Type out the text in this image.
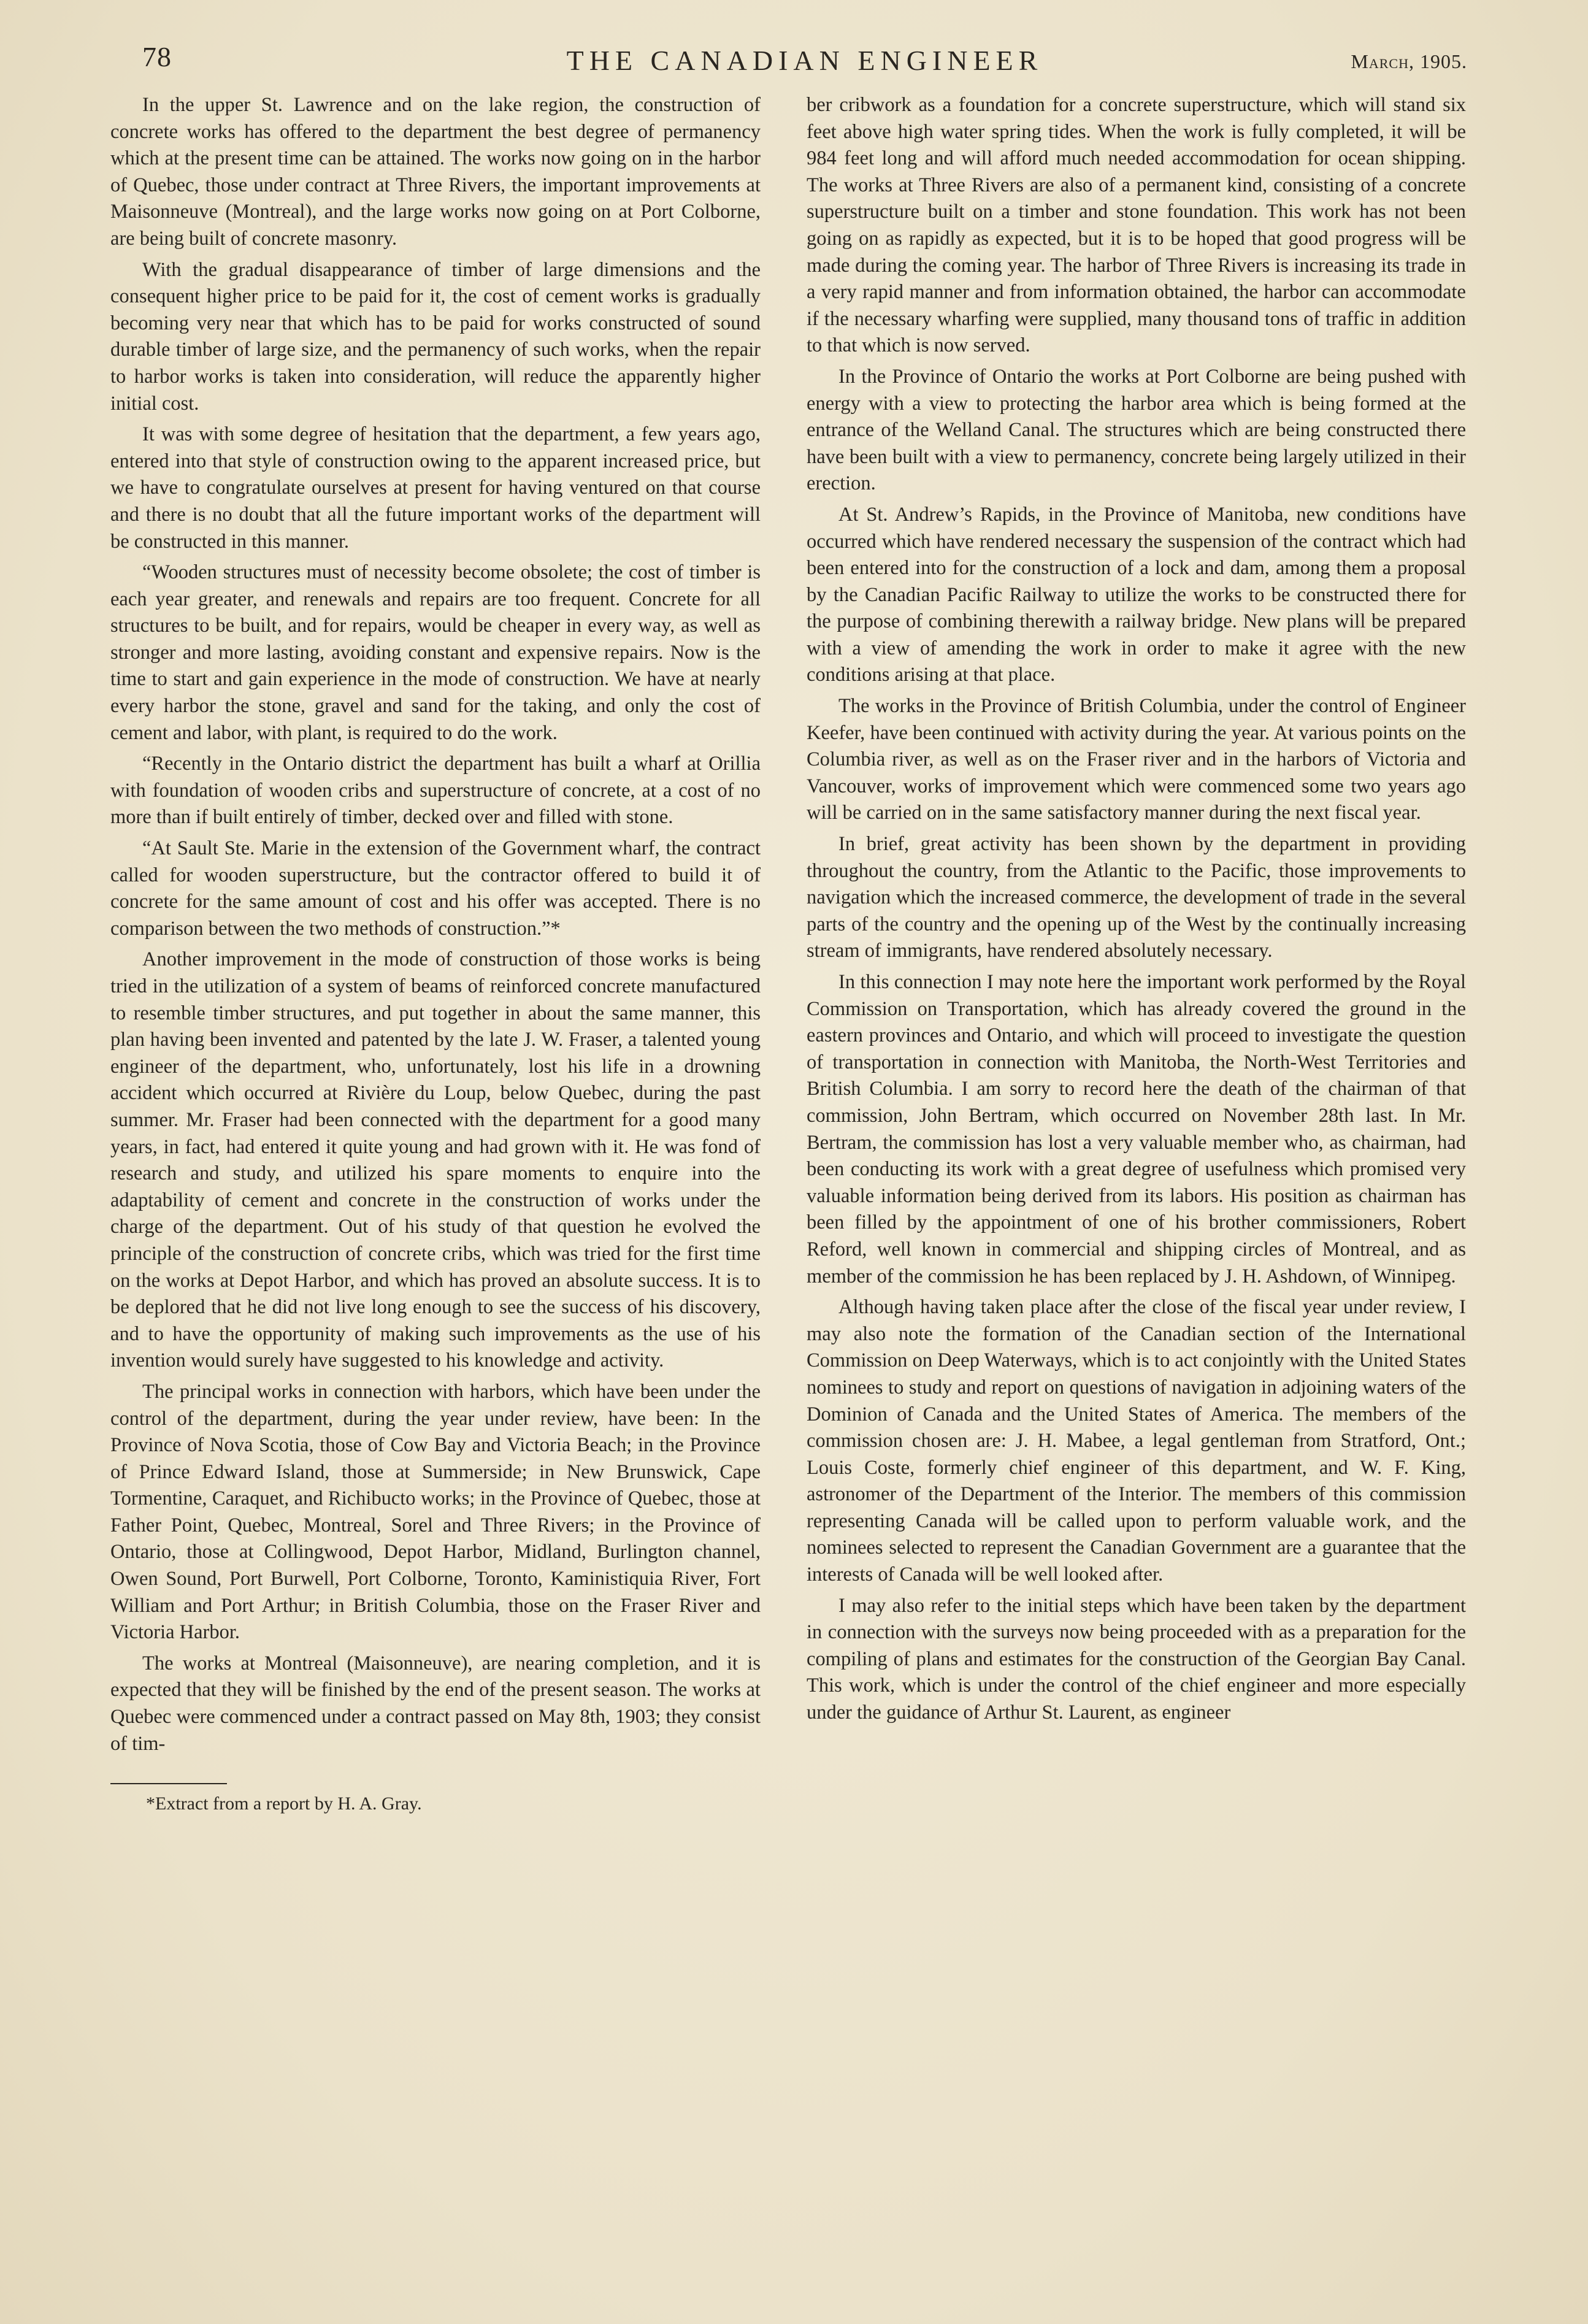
78	THE CANADIAN ENGINEER	March, 1905.

In the upper St. Lawrence and on the lake region, the construction of concrete works has offered to the department the best degree of permanency which at the present time can be attained. The works now going on in the harbor of Quebec, those under contract at Three Rivers, the important improvements at Maisonneuve (Montreal), and the large works now going on at Port Colborne, are being built of concrete masonry.

With the gradual disappearance of timber of large dimensions and the consequent higher price to be paid for it, the cost of cement works is gradually becoming very near that which has to be paid for works constructed of sound durable timber of large size, and the permanency of such works, when the repair to harbor works is taken into consideration, will reduce the apparently higher initial cost.

It was with some degree of hesitation that the department, a few years ago, entered into that style of construction owing to the apparent increased price, but we have to congratulate ourselves at present for having ventured on that course and there is no doubt that all the future important works of the department will be constructed in this manner.

“Wooden structures must of necessity become obsolete; the cost of timber is each year greater, and renewals and repairs are too frequent. Concrete for all structures to be built, and for repairs, would be cheaper in every way, as well as stronger and more lasting, avoiding constant and expensive repairs. Now is the time to start and gain experience in the mode of construction. We have at nearly every harbor the stone, gravel and sand for the taking, and only the cost of cement and labor, with plant, is required to do the work.

“Recently in the Ontario district the department has built a wharf at Orillia with foundation of wooden cribs and superstructure of concrete, at a cost of no more than if built entirely of timber, decked over and filled with stone.

“At Sault Ste. Marie in the extension of the Government wharf, the contract called for wooden superstructure, but the contractor offered to build it of concrete for the same amount of cost and his offer was accepted. There is no comparison between the two methods of construction.”*

Another improvement in the mode of construction of those works is being tried in the utilization of a system of beams of reinforced concrete manufactured to resemble timber structures, and put together in about the same manner, this plan having been invented and patented by the late J. W. Fraser, a talented young engineer of the department, who, unfortunately, lost his life in a drowning accident which occurred at Rivière du Loup, below Quebec, during the past summer. Mr. Fraser had been connected with the department for a good many years, in fact, had entered it quite young and had grown with it. He was fond of research and study, and utilized his spare moments to enquire into the adaptability of cement and concrete in the construction of works under the charge of the department. Out of his study of that question he evolved the principle of the construction of concrete cribs, which was tried for the first time on the works at Depot Harbor, and which has proved an absolute success. It is to be deplored that he did not live long enough to see the success of his discovery, and to have the opportunity of making such improvements as the use of his invention would surely have suggested to his knowledge and activity.

The principal works in connection with harbors, which have been under the control of the department, during the year under review, have been: In the Province of Nova Scotia, those of Cow Bay and Victoria Beach; in the Province of Prince Edward Island, those at Summerside; in New Brunswick, Cape Tormentine, Caraquet, and Richibucto works; in the Province of Quebec, those at Father Point, Quebec, Montreal, Sorel and Three Rivers; in the Province of Ontario, those at Collingwood, Depot Harbor, Midland, Burlington channel, Owen Sound, Port Burwell, Port Colborne, Toronto, Kaministiquia River, Fort William and Port Arthur; in British Columbia, those on the Fraser River and Victoria Harbor.

The works at Montreal (Maisonneuve), are nearing completion, and it is expected that they will be finished by the end of the present season. The works at Quebec were commenced under a contract passed on May 8th, 1903; they consist of tim-

*Extract from a report by H. A. Gray.

ber cribwork as a foundation for a concrete superstructure, which will stand six feet above high water spring tides. When the work is fully completed, it will be 984 feet long and will afford much needed accommodation for ocean shipping. The works at Three Rivers are also of a permanent kind, consisting of a concrete superstructure built on a timber and stone foundation. This work has not been going on as rapidly as expected, but it is to be hoped that good progress will be made during the coming year. The harbor of Three Rivers is increasing its trade in a very rapid manner and from information obtained, the harbor can accommodate if the necessary wharfing were supplied, many thousand tons of traffic in addition to that which is now served.

In the Province of Ontario the works at Port Colborne are being pushed with energy with a view to protecting the harbor area which is being formed at the entrance of the Welland Canal. The structures which are being constructed there have been built with a view to permanency, concrete being largely utilized in their erection.

At St. Andrew’s Rapids, in the Province of Manitoba, new conditions have occurred which have rendered necessary the suspension of the contract which had been entered into for the construction of a lock and dam, among them a proposal by the Canadian Pacific Railway to utilize the works to be constructed there for the purpose of combining therewith a railway bridge. New plans will be prepared with a view of amending the work in order to make it agree with the new conditions arising at that place.

The works in the Province of British Columbia, under the control of Engineer Keefer, have been continued with activity during the year. At various points on the Columbia river, as well as on the Fraser river and in the harbors of Victoria and Vancouver, works of improvement which were commenced some two years ago will be carried on in the same satisfactory manner during the next fiscal year.

In brief, great activity has been shown by the department in providing throughout the country, from the Atlantic to the Pacific, those improvements to navigation which the increased commerce, the development of trade in the several parts of the country and the opening up of the West by the continually increasing stream of immigrants, have rendered absolutely necessary.

In this connection I may note here the important work performed by the Royal Commission on Transportation, which has already covered the ground in the eastern provinces and Ontario, and which will proceed to investigate the question of transportation in connection with Manitoba, the North-West Territories and British Columbia. I am sorry to record here the death of the chairman of that commission, John Bertram, which occurred on November 28th last. In Mr. Bertram, the commission has lost a very valuable member who, as chairman, had been conducting its work with a great degree of usefulness which promised very valuable information being derived from its labors. His position as chairman has been filled by the appointment of one of his brother commissioners, Robert Reford, well known in commercial and shipping circles of Montreal, and as member of the commission he has been replaced by J. H. Ashdown, of Winnipeg.

Although having taken place after the close of the fiscal year under review, I may also note the formation of the Canadian section of the International Commission on Deep Waterways, which is to act conjointly with the United States nominees to study and report on questions of navigation in adjoining waters of the Dominion of Canada and the United States of America. The members of the commission chosen are: J. H. Mabee, a legal gentleman from Stratford, Ont.; Louis Coste, formerly chief engineer of this department, and W. F. King, astronomer of the Department of the Interior. The members of this commission representing Canada will be called upon to perform valuable work, and the nominees selected to represent the Canadian Government are a guarantee that the interests of Canada will be well looked after.

I may also refer to the initial steps which have been taken by the department in connection with the surveys now being proceeded with as a preparation for the compiling of plans and estimates for the construction of the Georgian Bay Canal. This work, which is under the control of the chief engineer and more especially under the guidance of Arthur St. Laurent, as engineer
